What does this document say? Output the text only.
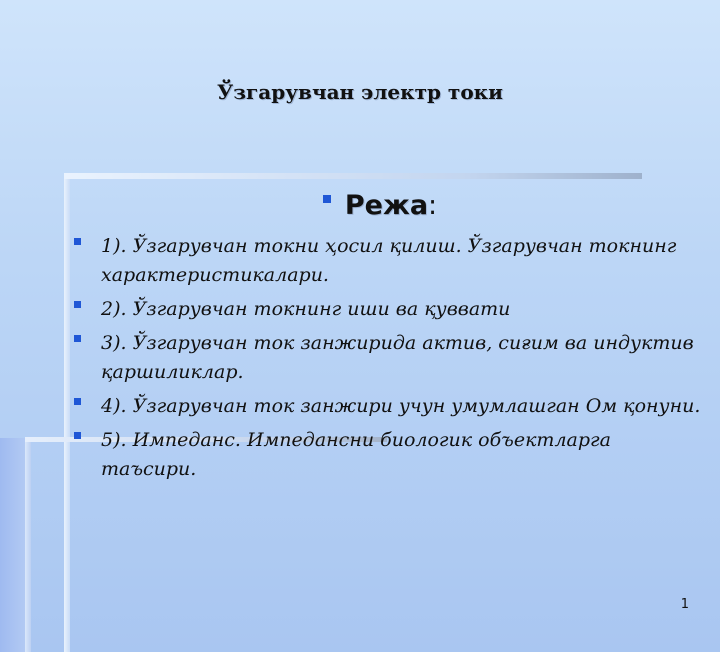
Ўзгарувчан электр токи
Режа:
1). Ўзгарувчан токни ҳосил қилиш. Ўзгарувчан токнинг характеристикалари.
2). Ўзгарувчан токнинг иши ва қуввати
3). Ўзгарувчан ток занжирида актив, сиғим ва индуктив қаршиликлар.
4). Ўзгарувчан ток занжири учун умумлашган Ом қонуни.
5). Импеданс. Импедансни биологик объектларга таъсири.
1
